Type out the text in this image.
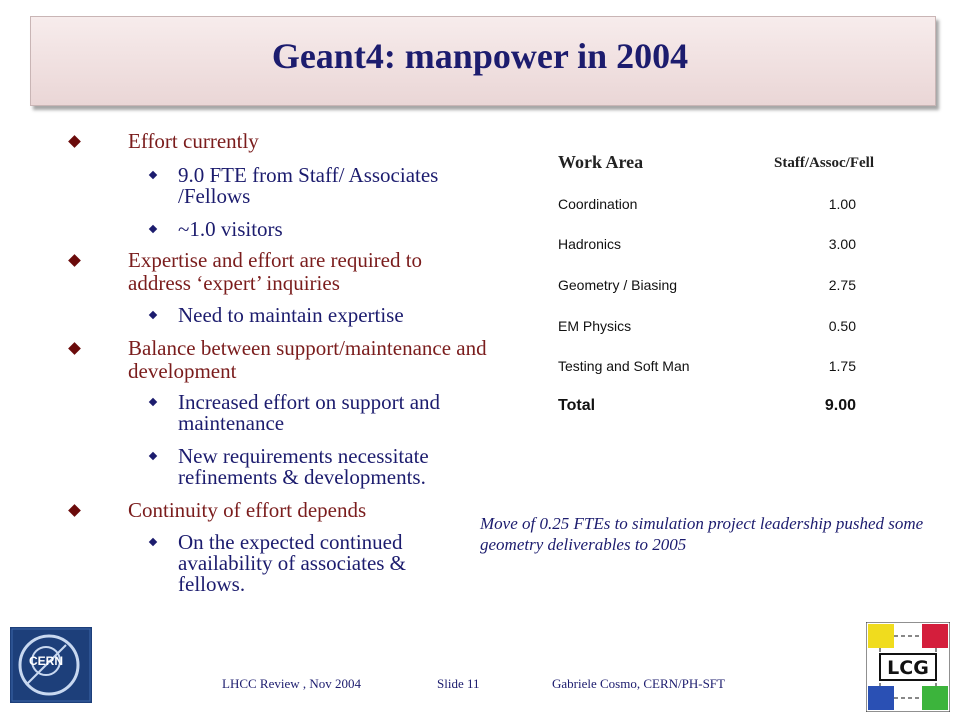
Geant4: manpower in 2004
Effort currently
9.0 FTE from Staff/ Associates /Fellows
~1.0 visitors
Expertise and effort are required to address ‘expert’ inquiries
Need to maintain expertise
Balance between support/maintenance and development
Increased effort on support and maintenance
New requirements necessitate refinements & developments.
Continuity of effort depends
On the expected continued availability of associates & fellows.
Work Area	Staff/Assoc/Fell
Coordination	1.00
Hadronics	3.00
Geometry / Biasing	2.75
EM Physics	0.50
Testing and Soft Man	1.75
Total	9.00
Move of 0.25 FTEs to simulation project leadership pushed some geometry deliverables to 2005
LHCC Review , Nov 2004	Slide 11	Gabriele Cosmo, CERN/PH-SFT
CERN	LCG
